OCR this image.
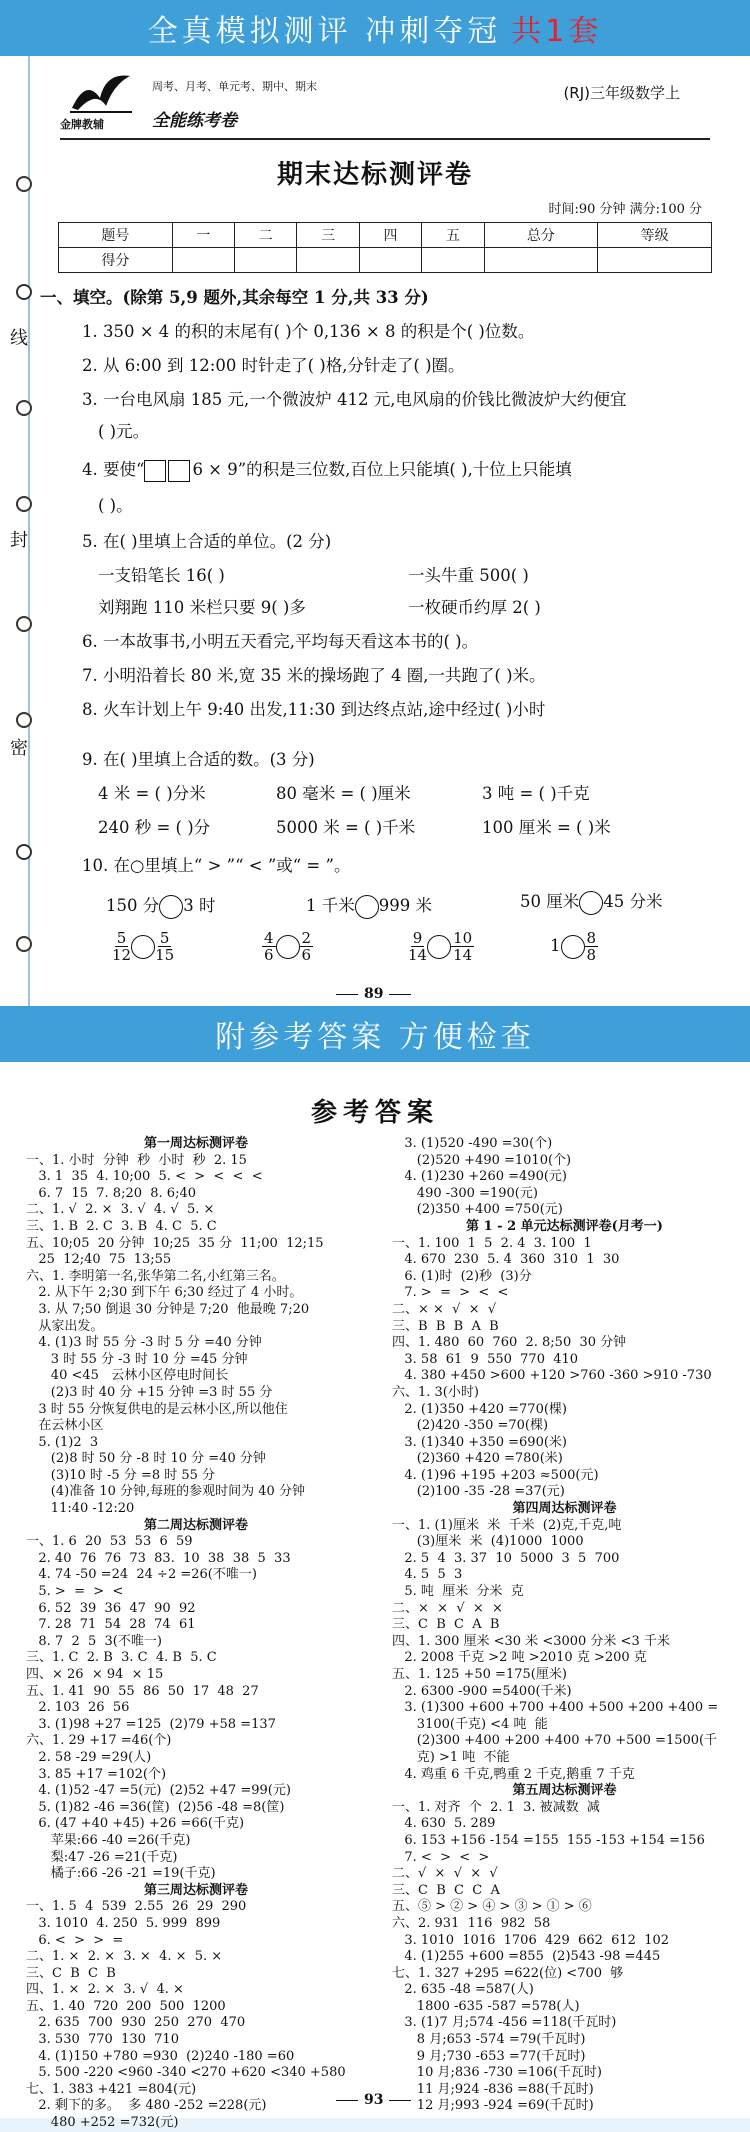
全真模拟测评 冲刺夺冠 共1套
线
封
密
金牌教辅
周考、月考、单元考、期中、期末
全能练考卷
(RJ)三年级数学上
期末达标测评卷
时间:90 分钟 满分:100 分
题号	一	二	三	四	五	总分	等级
得分							
一、填空。(除第 5,9 题外,其余每空 1 分,共 33 分)
1. 350 × 4 的积的末尾有( )个 0,136 × 8 的积是个( )位数。
2. 从 6:00 到 12:00 时针走了( )格,分针走了( )圈。
3. 一台电风扇 185 元,一个微波炉 412 元,电风扇的价钱比微波炉大约便宜
( )元。
4. 要使“	6 × 9”的积是三位数,百位上只能填( ),十位上只能填
( )。
5. 在( )里填上合适的单位。(2 分)
一支铅笔长 16( )	一头牛重 500( )
刘翔跑 110 米栏只要 9( )多	一枚硬币约厚 2( )
6. 一本故事书,小明五天看完,平均每天看这本书的( )。
7. 小明沿着长 80 米,宽 35 米的操场跑了 4 圈,一共跑了( )米。
8. 火车计划上午 9:40 出发,11:30 到达终点站,途中经过( )小时
9. 在( )里填上合适的数。(3 分)
4 米 = ( )分米	80 毫米 = ( )厘米	3 吨 = ( )千克
240 秒 = ( )分	5000 米 = ( )千米	100 厘米 = ( )米
10. 在○里填上“ > ”“ < ”或“ = ”。
150 分 3 时	1 千米 999 米	50 厘米 45 分米
$\frac{5}{12} \frac{5}{15}$	$\frac{4}{6} \frac{2}{6}$	$\frac{9}{14} \frac{10}{14}$	$1 \frac{8}{8}$
89
附参考答案 方便检查
参考答案
第一周达标测评卷
一、1. 小时  分钟  秒  小时  秒  2. 15
3. 1  35  4. 10;00  5. <  >  <  <  <
6. 7  15  7. 8;20  8. 6;40
二、1. √  2. ×  3. √  4. √  5. ×
三、1. B  2. C  3. B  4. C  5. C
五、10;05  20 分钟  10;25  35 分  11;00  12;15
25  12;40  75  13;55
六、1. 李明第一名,张华第二名,小红第三名。
2. 从下午 2;30 到下午 6;30 经过了 4 小时。
3. 从 7;50 倒退 30 分钟是 7;20  他最晚 7;20
从家出发。
4. (1)3 时 55 分 -3 时 5 分 =40 分钟
3 时 55 分 -3 时 10 分 =45 分钟
40 <45   云林小区停电时间长
(2)3 时 40 分 +15 分钟 =3 时 55 分
3 时 55 分恢复供电的是云林小区,所以他住
在云林小区
5. (1)2  3
(2)8 时 50 分 -8 时 10 分 =40 分钟
(3)10 时 -5 分 =8 时 55 分
(4)准备 10 分钟,每班的参观时间为 40 分钟
11:40 -12:20
第二周达标测评卷
一、1. 6  20  53  53  6  59
2. 40  76  76  73  83.  10  38  38  5  33
4. 74 -50 =24  24 ÷2 =26(不唯一)
5. >  =  >  <
6. 52  39  36  47  90  92
7. 28  71  54  28  74  61
8. 7  2  5  3(不唯一)
三、1. C  2. B  3. C  4. B  5. C
四、× 26  × 94  × 15
五、1. 41  90  55  86  50  17  48  27
2. 103  26  56
3. (1)98 +27 =125  (2)79 +58 =137
六、1. 29 +17 =46(个)
2. 58 -29 =29(人)
3. 85 +17 =102(个)
4. (1)52 -47 =5(元)  (2)52 +47 =99(元)
5. (1)82 -46 =36(筐)  (2)56 -48 =8(筐)
6. (47 +40 +45) +26 =66(千克)
苹果:66 -40 =26(千克)
梨:47 -26 =21(千克)
橘子:66 -26 -21 =19(千克)
第三周达标测评卷
一、1. 5  4  539  2.55  26  29  290
3. 1010  4. 250  5. 999  899
6. <  >  >  =
二、1. ×  2. ×  3. ×  4. ×  5. ×
三、C  B  C  B
四、1. ×  2. ×  3. √  4. ×
五、1. 40  720  200  500  1200
2. 635  700  930  250  270  470
3. 530  770  130  710
4. (1)150 +780 =930  (2)240 -180 =60
5. 500 -220 <960 -340 <270 +620 <340 +580
七、1. 383 +421 =804(元)
2. 剩下的多。  多 480 -252 =228(元)
480 +252 =732(元)
3. (1)520 -490 =30(个)
(2)520 +490 =1010(个)
4. (1)230 +260 =490(元)
490 -300 =190(元)
(2)350 +400 =750(元)
第 1 - 2 单元达标测评卷(月考一)
一、1. 100  1  5  2. 4  3. 100  1
4. 670  230  5. 4  360  310  1  30
6. (1)时  (2)秒  (3)分
7. >  =  >  <  <
二、× ×  √  ×  √
三、B  B  B  A  B
四、1. 480  60  760  2. 8;50  30 分钟
3. 58  61  9  550  770  410
4. 380 +450 >600 +120 >760 -360 >910 -730
六、1. 3(小时)
2. (1)350 +420 =770(棵)
(2)420 -350 =70(棵)
3. (1)340 +350 =690(米)
(2)360 +420 =780(米)
4. (1)96 +195 +203 ≈500(元)
(2)100 -35 -28 =37(元)
第四周达标测评卷
一、1. (1)厘米  米  千米  (2)克,千克,吨
(3)厘米  米  (4)1000  1000
2. 5  4  3. 37  10  5000  3  5  700
4. 5  5  3
5. 吨  厘米  分米  克
二、×  ×  √  ×  ×
三、C  B  C  A  B
四、1. 300 厘米 <30 米 <3000 分米 <3 千米
2. 2008 千克 >2 吨 >2010 克 >200 克
五、1. 125 +50 =175(厘米)
2. 6300 -900 =5400(千米)
3. (1)300 +600 +700 +400 +500 +200 +400 =
3100(千克) <4 吨  能
(2)300 +400 +200 +400 +70 +500 =1500(千
克) >1 吨  不能
4. 鸡重 6 千克,鸭重 2 千克,鹅重 7 千克
第五周达标测评卷
一、1. 对齐  个  2. 1  3. 被减数  减
4. 630  5. 289
6. 153 +156 -154 =155  155 -153 +154 =156
7. <  >  <  >
二、√  ×  √  ×  √
三、C  B  C  C  A
五、⑤ > ② > ④ > ③ > ① > ⑥
六、2. 931  116  982  58
3. 1010  1016  1706  429  662  612  102
4. (1)255 +600 =855  (2)543 -98 =445
七、1. 327 +295 =622(位) <700  够
2. 635 -48 =587(人)
1800 -635 -587 =578(人)
3. (1)7 月;574 -456 =118(千瓦时)
8 月;653 -574 =79(千瓦时)
9 月;730 -653 =77(千瓦时)
10 月;836 -730 =106(千瓦时)
11 月;924 -836 =88(千瓦时)
12 月;993 -924 =69(千瓦时)
93
